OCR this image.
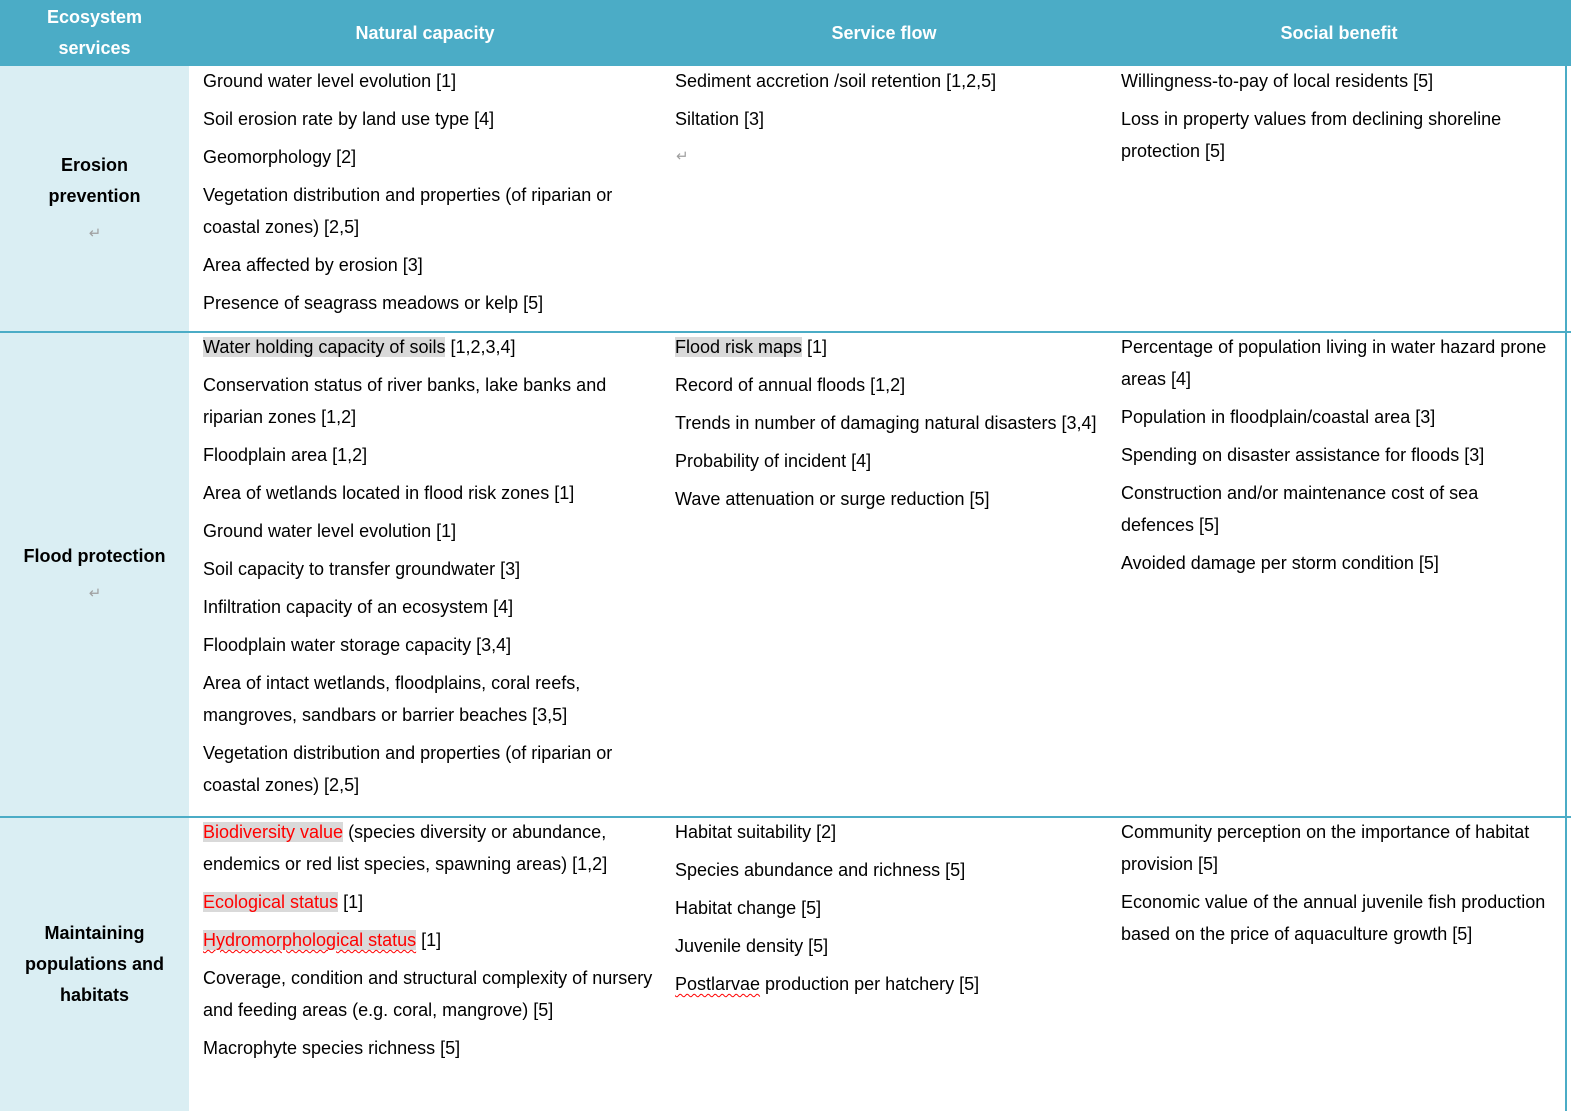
Ecosystem services
Natural capacity	Service flow	Social benefit
Erosion prevention
↵
Ground water level evolution [1]
Soil erosion rate by land use type [4]
Geomorphology [2]
Vegetation distribution and properties (of riparian or coastal zones) [2,5]
Area affected by erosion [3]
Presence of seagrass meadows or kelp [5]
Sediment accretion /soil retention [1,2,5]
Siltation [3]
↵
Willingness-to-pay of local residents [5]
Loss in property values from declining shoreline protection [5]
Flood protection
↵
Water holding capacity of soils [1,2,3,4]
Conservation status of river banks, lake banks and riparian zones [1,2]
Floodplain area [1,2]
Area of wetlands located in flood risk zones [1]
Ground water level evolution [1]
Soil capacity to transfer groundwater [3]
Infiltration capacity of an ecosystem [4]
Floodplain water storage capacity [3,4]
Area of intact wetlands, floodplains, coral reefs, mangroves, sandbars or barrier beaches [3,5]
Vegetation distribution and properties (of riparian or coastal zones) [2,5]
Flood risk maps [1]
Record of annual floods [1,2]
Trends in number of damaging natural disasters [3,4]
Probability of incident [4]
Wave attenuation or surge reduction [5]
Percentage of population living in water hazard prone areas [4]
Population in floodplain/coastal area [3]
Spending on disaster assistance for floods [3]
Construction and/or maintenance cost of sea defences [5]
Avoided damage per storm condition [5]
Maintaining populations and habitats
Biodiversity value (species diversity or abundance, endemics or red list species, spawning areas) [1,2]
Ecological status [1]
Hydromorphological status [1]
Coverage, condition and structural complexity of nursery and feeding areas (e.g. coral, mangrove) [5]
Macrophyte species richness [5]
Habitat suitability [2]
Species abundance and richness [5]
Habitat change [5]
Juvenile density [5]
Postlarvae production per hatchery [5]
Community perception on the importance of habitat provision [5]
Economic value of the annual juvenile fish production based on the price of aquaculture growth [5]
